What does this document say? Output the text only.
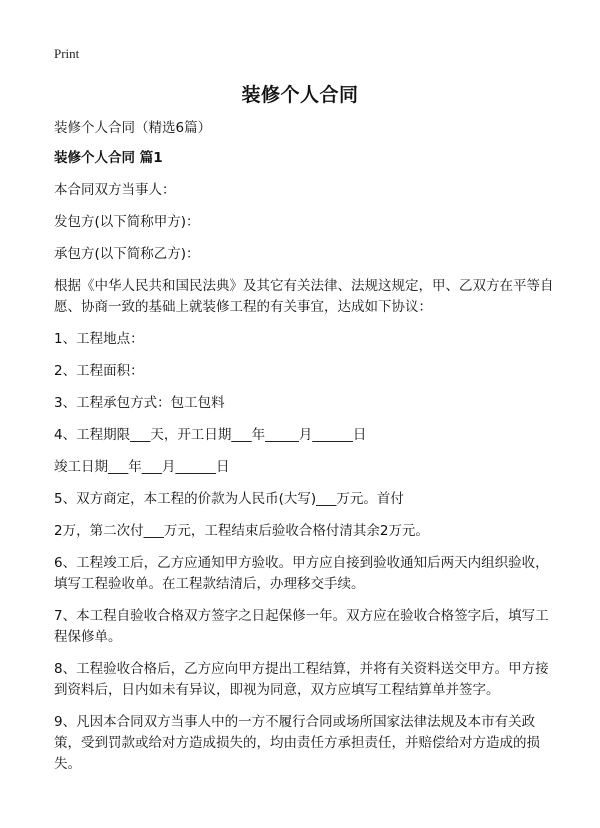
Print
装修个人合同

装修个人合同（精选6篇）

装修个人合同 篇1

本合同双方当事人：

发包方(以下简称甲方)：

承包方(以下简称乙方)：

根据《中华人民共和国民法典》及其它有关法律、法规这规定，甲、乙双方在平等自愿、协商一致的基础上就装修工程的有关事宜，达成如下协议：

1、工程地点：

2、工程面积：

3、工程承包方式：包工包料

4、工程期限___天，开工日期___年_____月______日

竣工日期___年___月______日

5、双方商定，本工程的价款为人民币(大写)___万元。首付

2万，第二次付___万元，工程结束后验收合格付清其余2万元。

6、工程竣工后，乙方应通知甲方验收。甲方应自接到验收通知后两天内组织验收，填写工程验收单。在工程款结清后，办理移交手续。

7、本工程自验收合格双方签字之日起保修一年。双方应在验收合格签字后，填写工程保修单。

8、工程验收合格后，乙方应向甲方提出工程结算，并将有关资料送交甲方。甲方接到资料后，日内如未有异议，即视为同意，双方应填写工程结算单并签字。

9、凡因本合同双方当事人中的一方不履行合同或场所国家法律法规及本市有关政策，受到罚款或给对方造成损失的，均由责任方承担责任，并赔偿给对方造成的损失。
